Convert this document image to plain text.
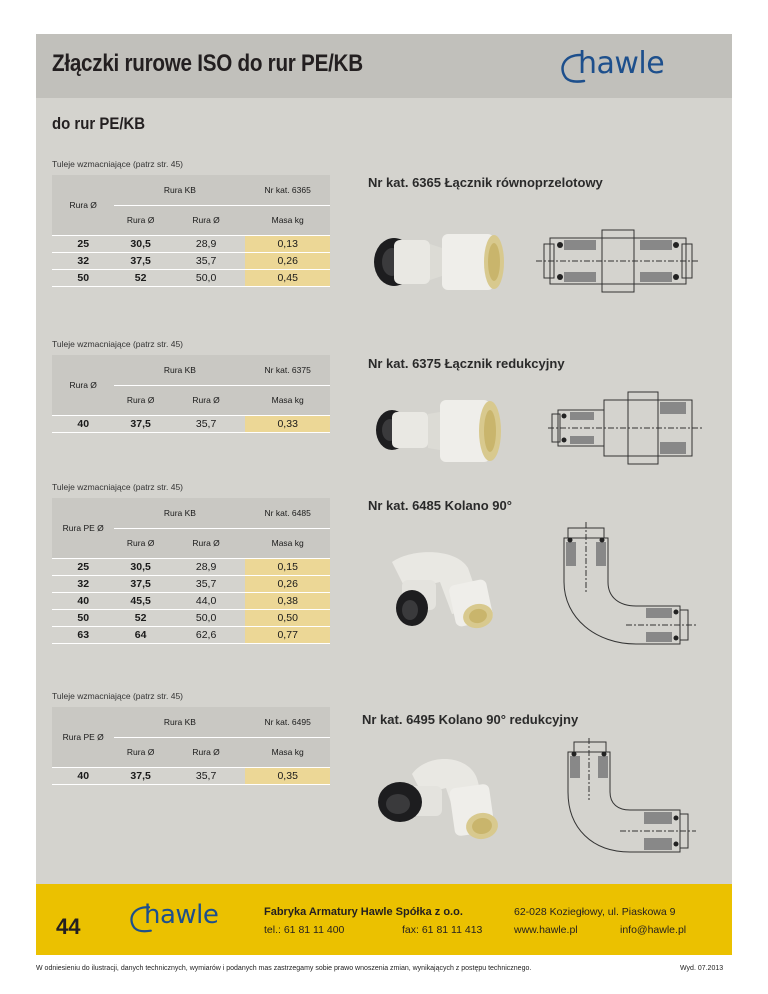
Złączki rurowe ISO do rur PE/KB	hawle
do rur PE/KB
Tuleje wzmacniające (patrz str. 45)
Rura Ø	Rura KB		Nr kat. 6365
	Rura Ø	Rura Ø	Masa kg
25	30,5	28,9	0,13
32	37,5	35,7	0,26
50	52	50,0	0,45
Nr kat. 6365 Łącznik równoprzelotowy
Tuleje wzmacniające (patrz str. 45)
Rura Ø	Rura KB		Nr kat. 6375
	Rura Ø	Rura Ø	Masa kg
40	37,5	35,7	0,33
Nr kat. 6375 Łącznik redukcyjny
Tuleje wzmacniające (patrz str. 45)
Rura PE Ø	Rura KB		Nr kat. 6485
	Rura Ø	Rura Ø	Masa kg
25	30,5	28,9	0,15
32	37,5	35,7	0,26
40	45,5	44,0	0,38
50	52	50,0	0,50
63	64	62,6	0,77
Nr kat. 6485 Kolano 90°
Tuleje wzmacniające (patrz str. 45)
Rura PE Ø	Rura KB		Nr kat. 6495
	Rura Ø	Rura Ø	Masa kg
40	37,5	35,7	0,35
Nr kat. 6495 Kolano 90° redukcyjny
44 hawle	Fabryka Armatury Hawle Spółka z o.o.	62-028 Koziegłowy, ul. Piaskowa 9
tel.: 61 81 11 400	fax: 61 81 11 413	www.hawle.pl	info@hawle.pl
W odniesieniu do ilustracji, danych technicznych, wymiarów i podanych mas zastrzegamy sobie prawo wnoszenia zmian, wynikających z postępu technicznego.	Wyd. 07.2013
